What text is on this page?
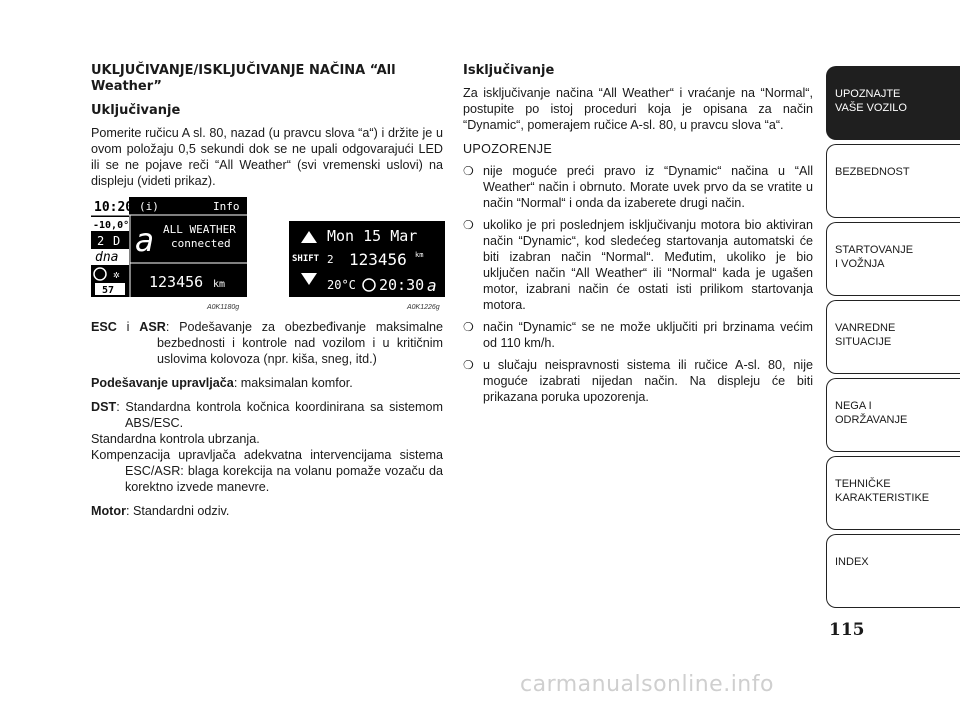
UKLJUČIVANJE/ISKLJUČIVANJE NAČINA “All Weather”
Uključivanje

Pomerite ručicu A sl. 80, nazad (u pravcu slova “a“) i držite je u ovom položaju 0,5 sekundi dok se ne upali odgovarajući LED ili se ne pojave reči “All Weather“ (svi vremenski uslovi) na displeju (videti prikaz).

10:20 (i)	Info
-10,0°C
2 D
dna
✲
57
a ALL WEATHER
connected
123456 km
A0K1180g
SHIFT
Mon 15 Mar
2 123456 km
20°C 20:30 a
A0K1226g

ESC i ASR: Podešavanje za obezbeđivanje maksimalne bezbednosti i kontrole nad vozilom i u kritičnim uslovima kolovoza (npr. kiša, sneg, itd.)

Podešavanje upravljača: maksimalan komfor.

DST: Standardna kontrola kočnica koordinirana sa sistemom ABS/ESC.
Standardna kontrola ubrzanja.
Kompenzacija upravljača adekvatna intervencijama sistema ESC/ASR: blaga korekcija na volanu pomaže vozaču da korektno izvede manevre.

Motor: Standardni odziv.

Isključivanje

Za isključivanje načina “All Weather“ i vraćanje na “Normal“, postupite po istoj proceduri koja je opisana za način “Dynamic“, pomerajem ručice A-sl. 80, u pravcu slova “a“.

UPOZORENJE
❍ nije moguće preći pravo iz “Dynamic“ načina u “All Weather“ način i obrnuto. Morate uvek prvo da se vratite u način “Normal“ i onda da izaberete drugi način.
❍ ukoliko je pri poslednjem isključivanju motora bio aktiviran način “Dynamic“, kod sledećeg startovanja automatski će biti izabran način “Normal“. Međutim, ukoliko je bio uključen način “All Weather“ ili “Normal“ kada je ugašen motor, izabrani način će ostati isti prilikom startovanja motora.
❍ način “Dynamic“ se ne može uključiti pri brzinama većim od 110 km/h.
❍ u slučaju neispravnosti sistema ili ručice A-sl. 80, nije moguće izabrati nijedan način. Na displeju će biti prikazana poruka upozorenja.
UPOZNAJTE
VAŠE VOZILO
BEZBEDNOST
STARTOVANJE
I VOŽNJA
VANREDNE
SITUACIJE
NEGA I
ODRŽAVANJE
TEHNIČKE
KARAKTERISTIKE
INDEX
115
carmanualsonline.info
